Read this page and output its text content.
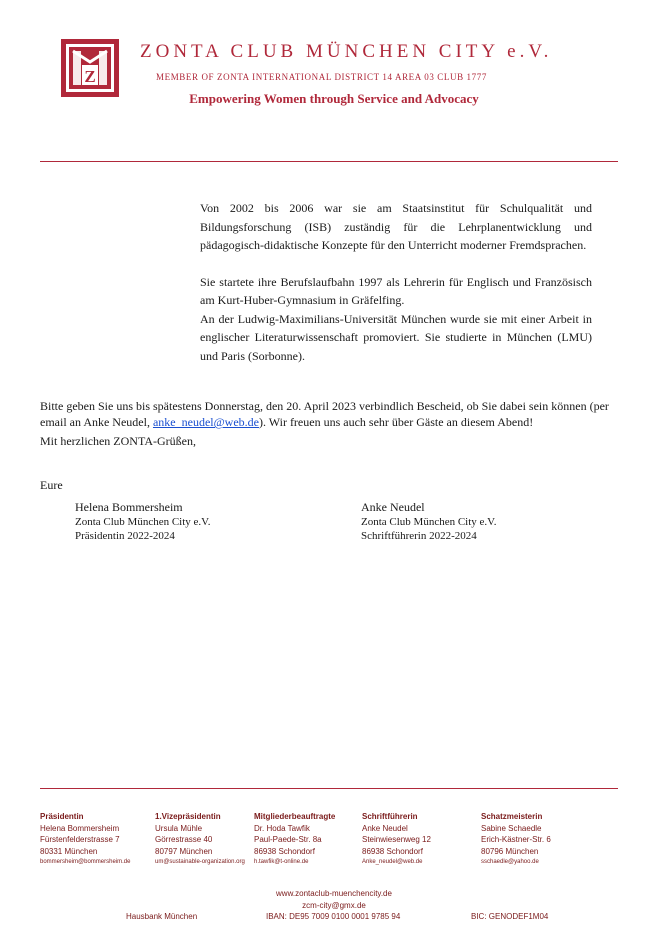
Z
ZONTA CLUB MÜNCHEN CITY e.V.
MEMBER OF ZONTA INTERNATIONAL DISTRICT 14 AREA 03 CLUB 1777
Empowering Women through Service and Advocacy

Von 2002 bis 2006 war sie am Staatsinstitut für Schulqualität und Bildungsforschung (ISB) zuständig für die Lehrplanentwicklung und pädagogisch-didaktische Konzepte für den Unterricht moderner Fremdsprachen.

Sie startete ihre Berufslaufbahn 1997 als Lehrerin für Englisch und Französisch am Kurt-Huber-Gymnasium in Gräfelfing.

An der Ludwig-Maximilians-Universität München wurde sie mit einer Arbeit in englischer Literaturwissenschaft promoviert. Sie studierte in München (LMU) und Paris (Sorbonne).

Bitte geben Sie uns bis spätestens Donnerstag, den 20. April 2023 verbindlich Bescheid, ob Sie dabei sein können (per email an Anke Neudel, anke_neudel@web.de). Wir freuen uns auch sehr über Gäste an diesem Abend!
Mit herzlichen ZONTA-Grüßen,
Eure
Helena Bommersheim
Zonta Club München City e.V.
Präsidentin 2022-2024
Anke Neudel
Zonta Club München City e.V.
Schriftführerin 2022-2024
Präsidentin
Helena Bommersheim
Fürstenfelderstrasse 7
80331 München
bommersheim@bommersheim.de
1.Vizepräsidentin
Ursula Mühle
Görrestrasse 40
80797 München
um@sustainable-organization.org
Mitgliederbeauftragte
Dr. Hoda Tawfik
Paul-Paede-Str. 8a
86938 Schondorf
h.tawfik@t-online.de
Schriftführerin
Anke Neudel
Steinwiesenweg 12
86938 Schondorf
Anke_neudel@web.de
Schatzmeisterin
Sabine Schaedle
Erich-Kästner-Str. 6
80796 München
sschaedle@yahoo.de
www.zontaclub-muenchencity.de
zcm-city@gmx.de
Hausbank München	IBAN: DE95 7009 0100 0001 9785 94	BIC: GENODEF1M04
